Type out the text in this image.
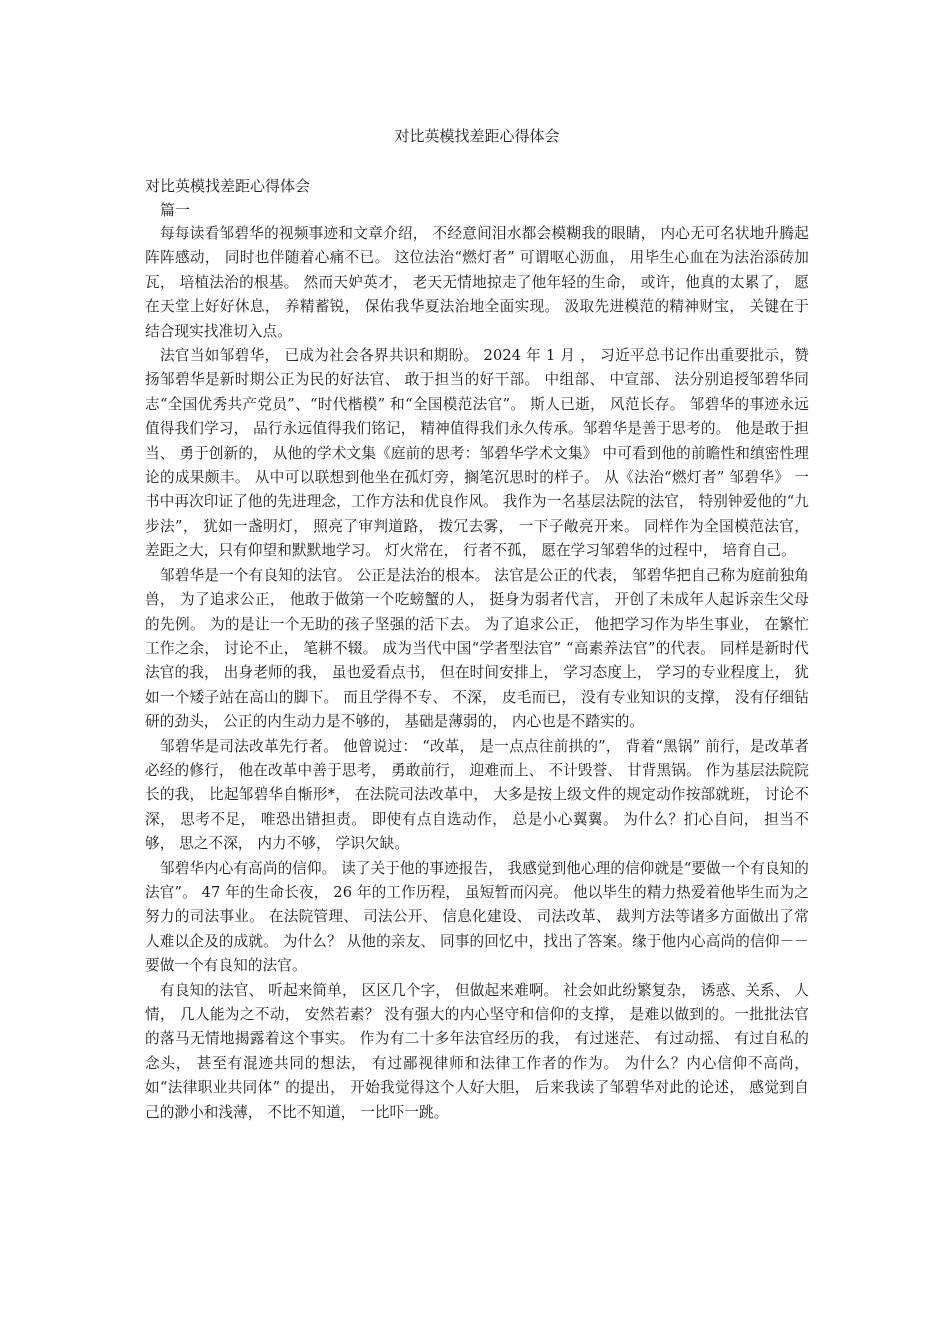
对比英模找差距心得体会

对比英模找差距心得体会

篇一

每每读看邹碧华的视频事迹和文章介绍， 不经意间泪水都会模糊我的眼睛， 内心无可名状地升腾起阵阵感动， 同时也伴随着心痛不已。 这位法治“燃灯者” 可谓呕心沥血， 用毕生心血在为法治添砖加瓦， 培植法治的根基。 然而天妒英才， 老天无情地掠走了他年轻的生命， 或许，他真的太累了， 愿在天堂上好好休息， 养精蓄锐， 保佑我华夏法治地全面实现。 汲取先进模范的精神财宝， 关键在于结合现实找准切入点。

法官当如邹碧华， 已成为社会各界共识和期盼。 2024 年 1 月 ， 习近平总书记作出重要批示，赞扬邹碧华是新时期公正为民的好法官、 敢于担当的好干部。 中组部、 中宣部、 法分别追授邹碧华同志“全国优秀共产党员”、“时代楷模” 和“全国模范法官”。 斯人已逝， 风范长存。 邹碧华的事迹永远值得我们学习， 品行永远值得我们铭记， 精神值得我们永久传承。邹碧华是善于思考的。 他是敢于担当、 勇于创新的， 从他的学术文集《庭前的思考：邹碧华学术文集》 中可看到他的前瞻性和缜密性理论的成果颇丰。 从中可以联想到他坐在孤灯旁，搁笔沉思时的样子。 从《法治“燃灯者” 邹碧华》 一书中再次印证了他的先进理念，工作方法和优良作风。 我作为一名基层法院的法官， 特别钟爱他的“九步法”， 犹如一盏明灯， 照亮了审判道路， 拨冗去雾， 一下子敞亮开来。 同样作为全国模范法官， 差距之大，只有仰望和默默地学习。 灯火常在， 行者不孤， 愿在学习邹碧华的过程中， 培育自己。

邹碧华是一个有良知的法官。 公正是法治的根本。 法官是公正的代表， 邹碧华把自己称为庭前独角兽， 为了追求公正， 他敢于做第一个吃螃蟹的人， 挺身为弱者代言， 开创了未成年人起诉亲生父母的先例。 为的是让一个无助的孩子坚强的活下去。 为了追求公正， 他把学习作为毕生事业， 在繁忙工作之余， 讨论不止， 笔耕不辍。 成为当代中国“学者型法官” “高素养法官”的代表。 同样是新时代法官的我， 出身老师的我， 虽也爱看点书， 但在时间安排上， 学习态度上， 学习的专业程度上， 犹如一个矮子站在高山的脚下。 而且学得不专、 不深， 皮毛而已， 没有专业知识的支撑， 没有仔细钻研的劲头， 公正的内生动力是不够的， 基础是薄弱的， 内心也是不踏实的。

邹碧华是司法改革先行者。 他曾说过： “改革， 是一点点往前拱的”， 背着“黑锅” 前行，是改革者必经的修行， 他在改革中善于思考， 勇敢前行， 迎难而上、 不计毁誉、 甘背黑锅。 作为基层法院院长的我， 比起邹碧华自惭形*， 在法院司法改革中， 大多是按上级文件的规定动作按部就班， 讨论不深， 思考不足， 唯恐出错担责。 即使有点自选动作， 总是小心翼翼。 为什么？扪心自问， 担当不够， 思之不深， 内力不够， 学识欠缺。

邹碧华内心有高尚的信仰。 读了关于他的事迹报告， 我感觉到他心理的信仰就是“要做一个有良知的法官”。 47 年的生命长夜， 26 年的工作历程， 虽短暂而闪亮。 他以毕生的精力热爱着他毕生而为之努力的司法事业。 在法院管理、 司法公开、 信息化建设、 司法改革、 裁判方法等诸多方面做出了常人难以企及的成就。 为什么？ 从他的亲友、 同事的回忆中，找出了答案。缘于他内心高尚的信仰－－要做一个有良知的法官。

有良知的法官、 听起来简单， 区区几个字， 但做起来难啊。 社会如此纷繁复杂， 诱惑、关系、 人情， 几人能为之不动， 安然若素？ 没有强大的内心坚守和信仰的支撑， 是难以做到的。一批批法官的落马无情地揭露着这个事实。 作为有二十多年法官经历的我， 有过迷茫、 有过动摇、 有过自私的念头， 甚至有混迹共同的想法， 有过鄙视律师和法律工作者的作为。 为什么？内心信仰不高尚， 如“法律职业共同体” 的提出， 开始我觉得这个人好大胆， 后来我读了邹碧华对此的论述， 感觉到自己的渺小和浅薄， 不比不知道， 一比吓一跳。
